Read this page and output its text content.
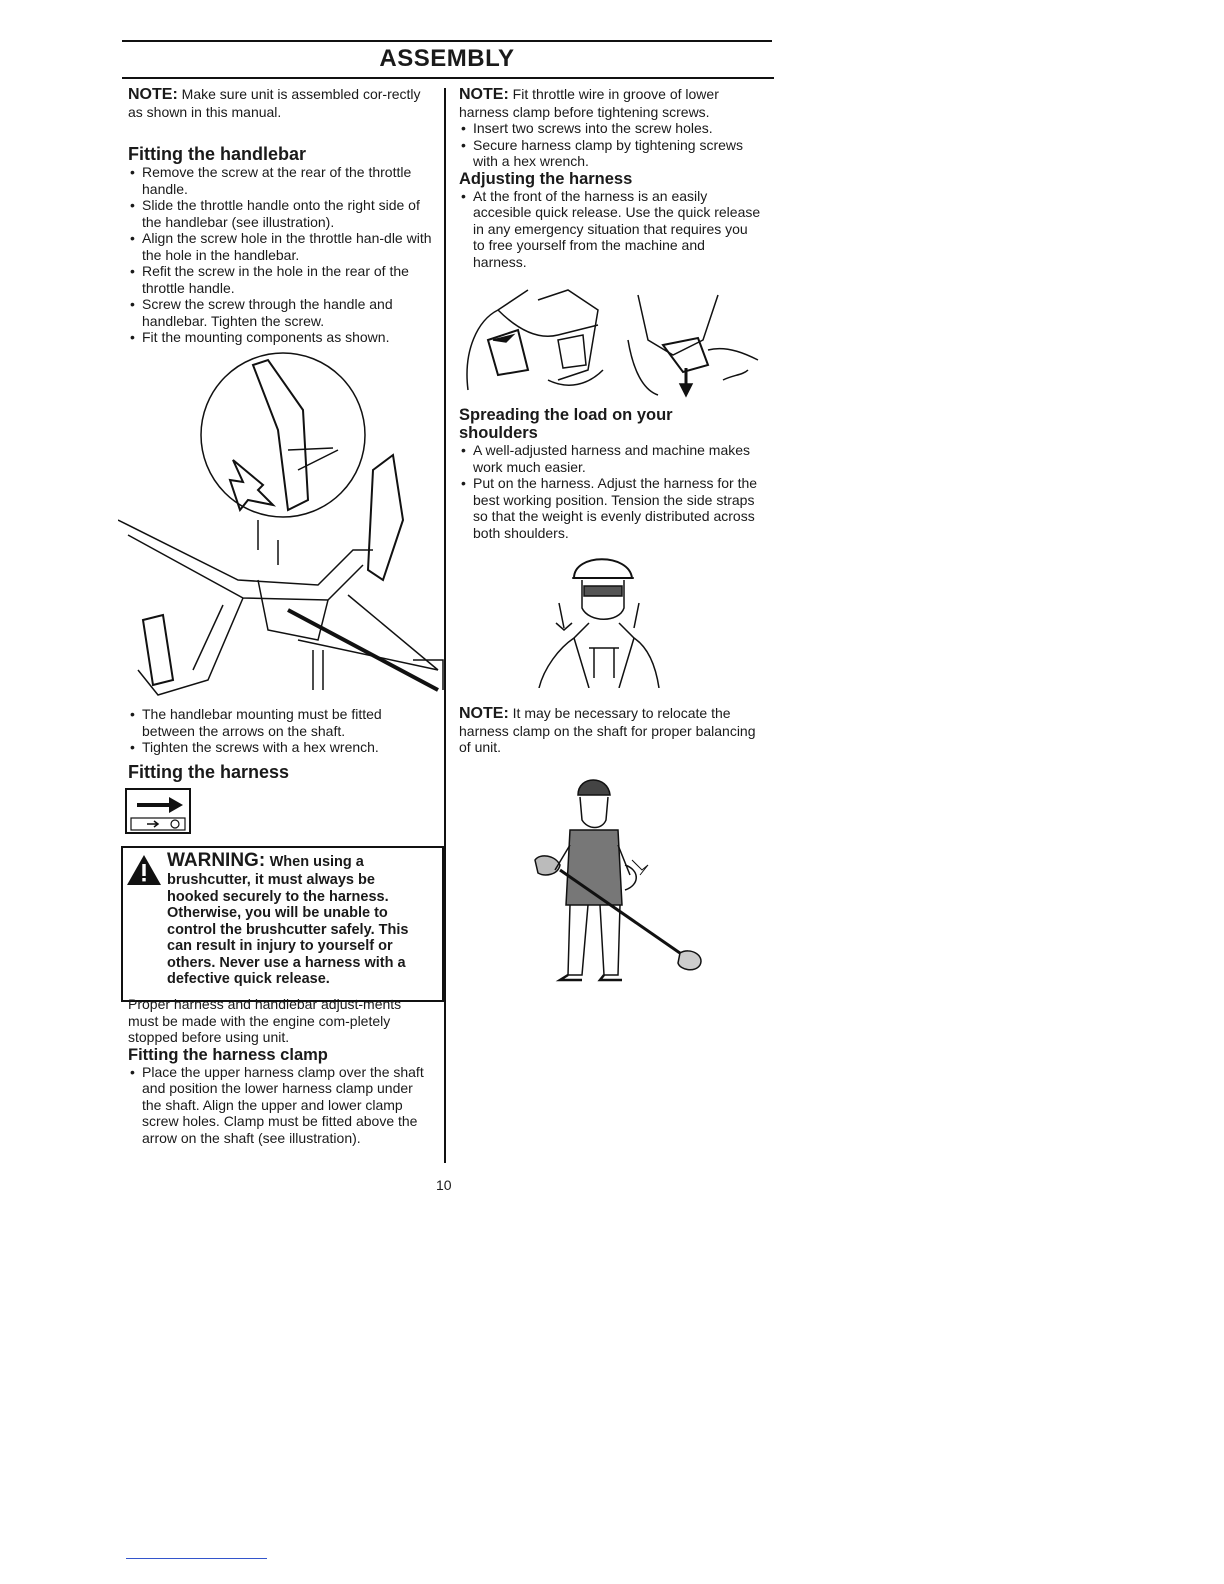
ASSEMBLY

NOTE: Make sure unit is assembled cor-rectly as shown in this manual.

Fitting the handlebar
• Remove the screw at the rear of the throttle handle.
• Slide the throttle handle onto the right side of the handlebar (see illustration).
• Align the screw hole in the throttle han-dle with the hole in the handlebar.
• Refit the screw in the hole in the rear of the throttle handle.
• Screw the screw through the handle and handlebar. Tighten the screw.
• Fit the mounting components as shown.
• The handlebar mounting must be fitted between the arrows on the shaft.
• Tighten the screws with a hex wrench.
Fitting the harness
WARNING: When using a
brushcutter, it must always be hooked securely to the harness. Otherwise, you will be unable to control the brushcutter safely. This can result in injury to yourself or others. Never use a harness with a defective quick release.

Proper harness and handlebar adjust-ments must be made with the engine com-pletely stopped before using unit.

Fitting the harness clamp
• Place the upper harness clamp over the shaft and position the lower harness clamp under the shaft. Align the upper and lower clamp screw holes. Clamp must be fitted above the arrow on the shaft (see illustration).

NOTE: Fit throttle wire in groove of lower harness clamp before tightening screws.

• Insert two screws into the screw holes.
• Secure harness clamp by tightening screws with a hex wrench.
Adjusting the harness
• At the front of the harness is an easily accesible quick release. Use the quick release in any emergency situation that requires you to free yourself from the machine and harness.
Spreading the load on your shoulders
• A well-adjusted harness and machine makes work much easier.
• Put on the harness. Adjust the harness for the best working position. Tension the side straps so that the weight is evenly distributed across both shoulders.

NOTE: It may be necessary to relocate the harness clamp on the shaft for proper balancing of unit.

10
